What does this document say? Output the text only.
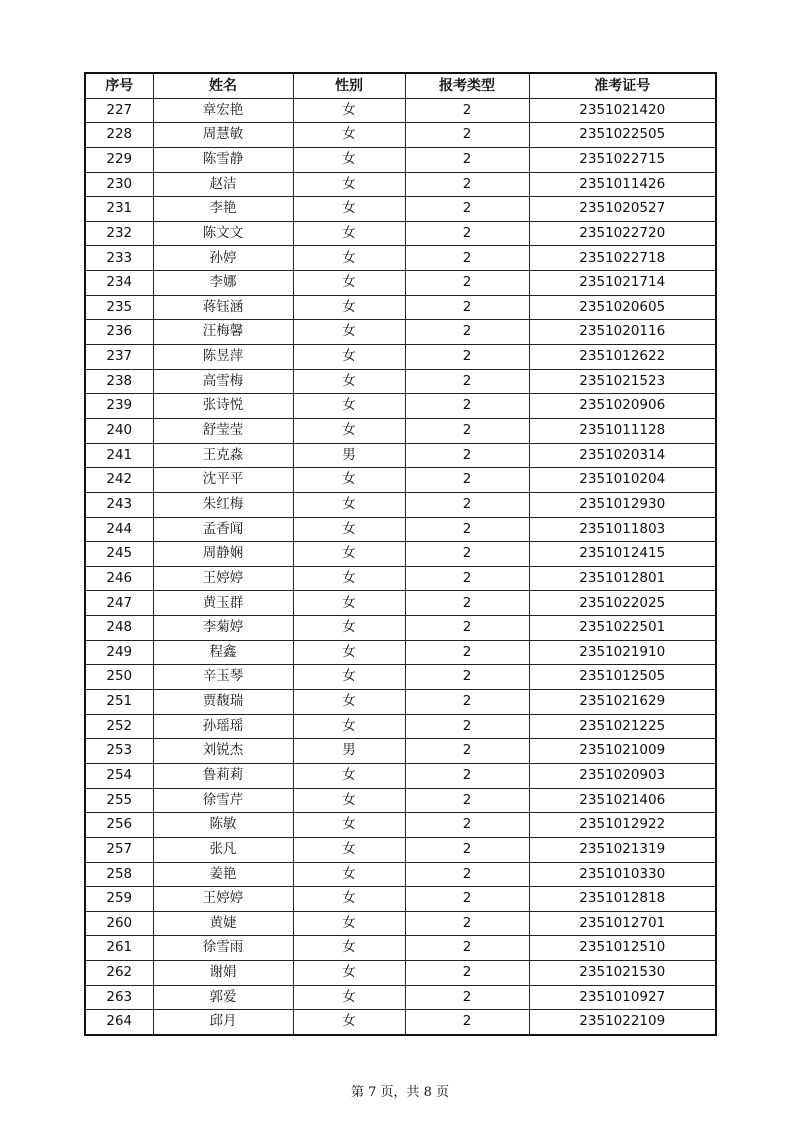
序号	姓名	性别	报考类型	准考证号
227	章宏艳	女	2	2351021420
228	周慧敏	女	2	2351022505
229	陈雪静	女	2	2351022715
230	赵洁	女	2	2351011426
231	李艳	女	2	2351020527
232	陈文文	女	2	2351022720
233	孙婷	女	2	2351022718
234	李娜	女	2	2351021714
235	蒋钰涵	女	2	2351020605
236	汪梅馨	女	2	2351020116
237	陈昱萍	女	2	2351012622
238	高雪梅	女	2	2351021523
239	张诗悦	女	2	2351020906
240	舒莹莹	女	2	2351011128
241	王克淼	男	2	2351020314
242	沈平平	女	2	2351010204
243	朱红梅	女	2	2351012930
244	孟香闻	女	2	2351011803
245	周静娴	女	2	2351012415
246	王婷婷	女	2	2351012801
247	黄玉群	女	2	2351022025
248	李菊婷	女	2	2351022501
249	程鑫	女	2	2351021910
250	辛玉琴	女	2	2351012505
251	贾馥瑞	女	2	2351021629
252	孙瑶瑶	女	2	2351021225
253	刘锐杰	男	2	2351021009
254	鲁莉莉	女	2	2351020903
255	徐雪芹	女	2	2351021406
256	陈敏	女	2	2351012922
257	张凡	女	2	2351021319
258	姜艳	女	2	2351010330
259	王婷婷	女	2	2351012818
260	黄婕	女	2	2351012701
261	徐雪雨	女	2	2351012510
262	谢娟	女	2	2351021530
263	郭爱	女	2	2351010927
264	邱月	女	2	2351022109
第 7 页，共 8 页
